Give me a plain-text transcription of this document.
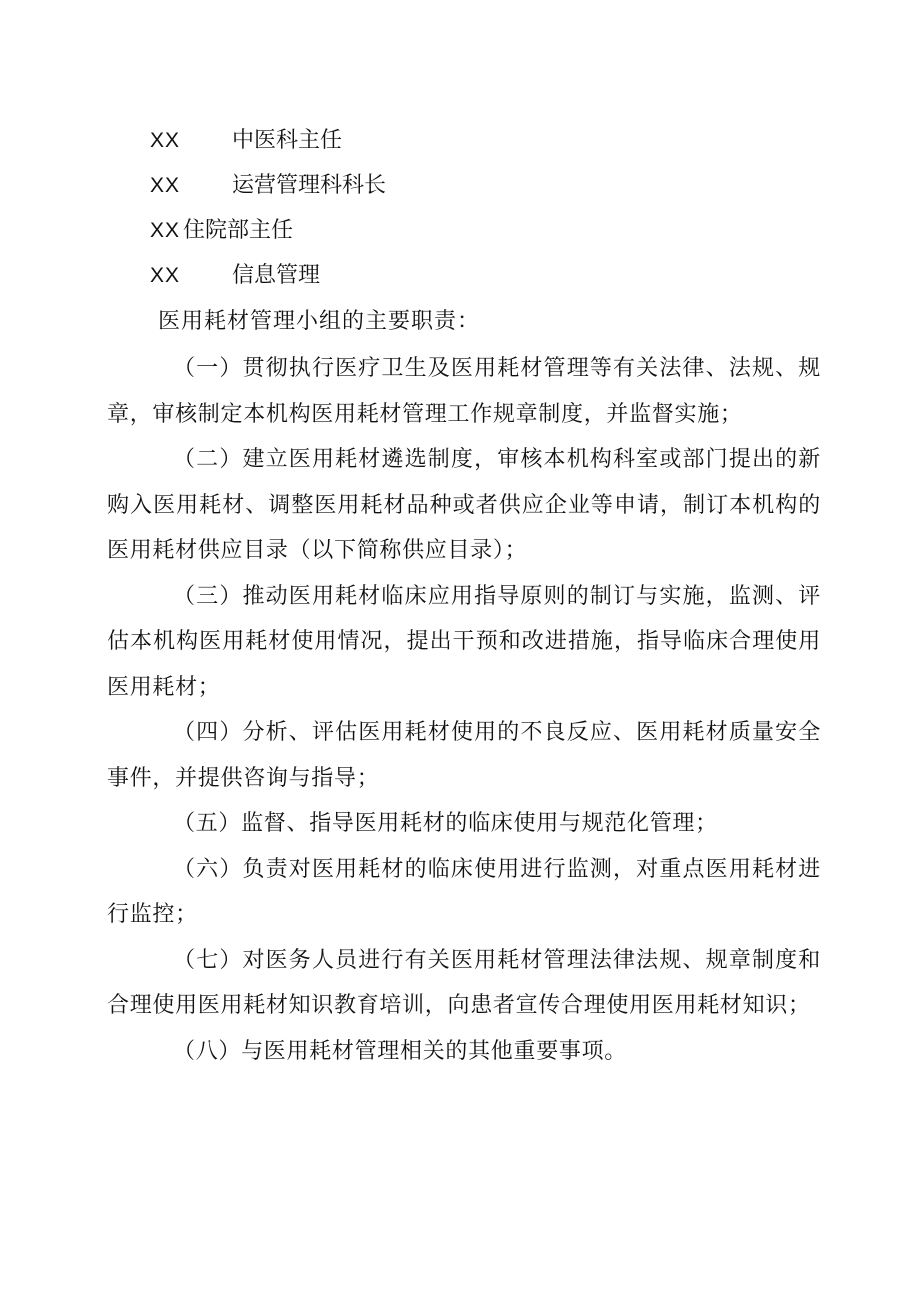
XX 中医科主任
XX 运营管理科科长
XX 住院部主任
XX 信息管理
医用耗材管理小组的主要职责：

（一）贯彻执行医疗卫生及医用耗材管理等有关法律、法规、规章，审核制定本机构医用耗材管理工作规章制度，并监督实施；

（二）建立医用耗材遴选制度，审核本机构科室或部门提出的新购入医用耗材、调整医用耗材品种或者供应企业等申请，制订本机构的医用耗材供应目录（以下简称供应目录）；

（三）推动医用耗材临床应用指导原则的制订与实施，监测、评估本机构医用耗材使用情况，提出干预和改进措施，指导临床合理使用医用耗材；

（四）分析、评估医用耗材使用的不良反应、医用耗材质量安全事件，并提供咨询与指导；

（五）监督、指导医用耗材的临床使用与规范化管理；

（六）负责对医用耗材的临床使用进行监测，对重点医用耗材进行监控；

（七）对医务人员进行有关医用耗材管理法律法规、规章制度和合理使用医用耗材知识教育培训，向患者宣传合理使用医用耗材知识；

（八）与医用耗材管理相关的其他重要事项。
